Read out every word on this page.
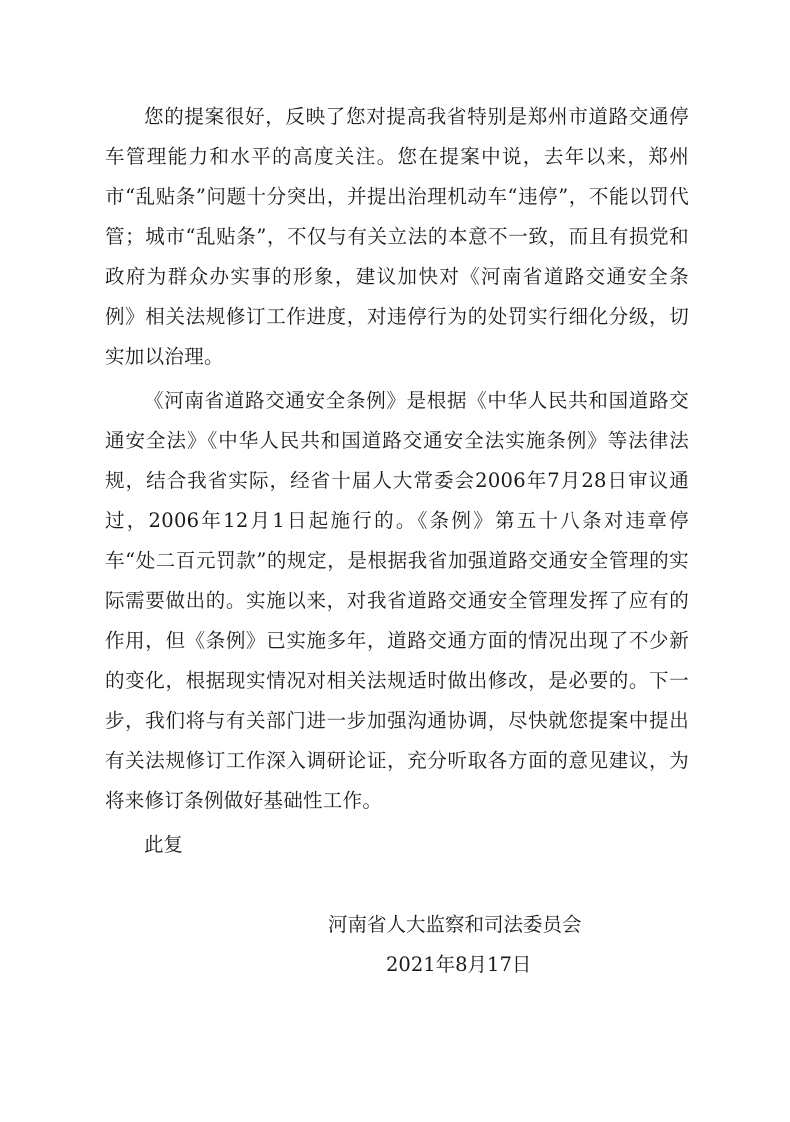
您的提案很好，反映了您对提高我省特别是郑州市道路交通停车管理能力和水平的高度关注。您在提案中说，去年以来，郑州市“乱贴条”问题十分突出，并提出治理机动车“违停”，不能以罚代管；城市“乱贴条”，不仅与有关立法的本意不一致，而且有损党和政府为群众办实事的形象，建议加快对《河南省道路交通安全条例》相关法规修订工作进度，对违停行为的处罚实行细化分级，切实加以治理。

《河南省道路交通安全条例》是根据《中华人民共和国道路交通安全法》《中华人民共和国道路交通安全法实施条例》等法律法规，结合我省实际，经省十届人大常委会2006年7月28日审议通过，2006年12月1日起施行的。《条例》第五十八条对违章停车“处二百元罚款”的规定，是根据我省加强道路交通安全管理的实际需要做出的。实施以来，对我省道路交通安全管理发挥了应有的作用，但《条例》已实施多年，道路交通方面的情况出现了不少新的变化，根据现实情况对相关法规适时做出修改，是必要的。下一步，我们将与有关部门进一步加强沟通协调，尽快就您提案中提出有关法规修订工作深入调研论证，充分听取各方面的意见建议，为将来修订条例做好基础性工作。

此复

河南省人大监察和司法委员会
2021年8月17日
